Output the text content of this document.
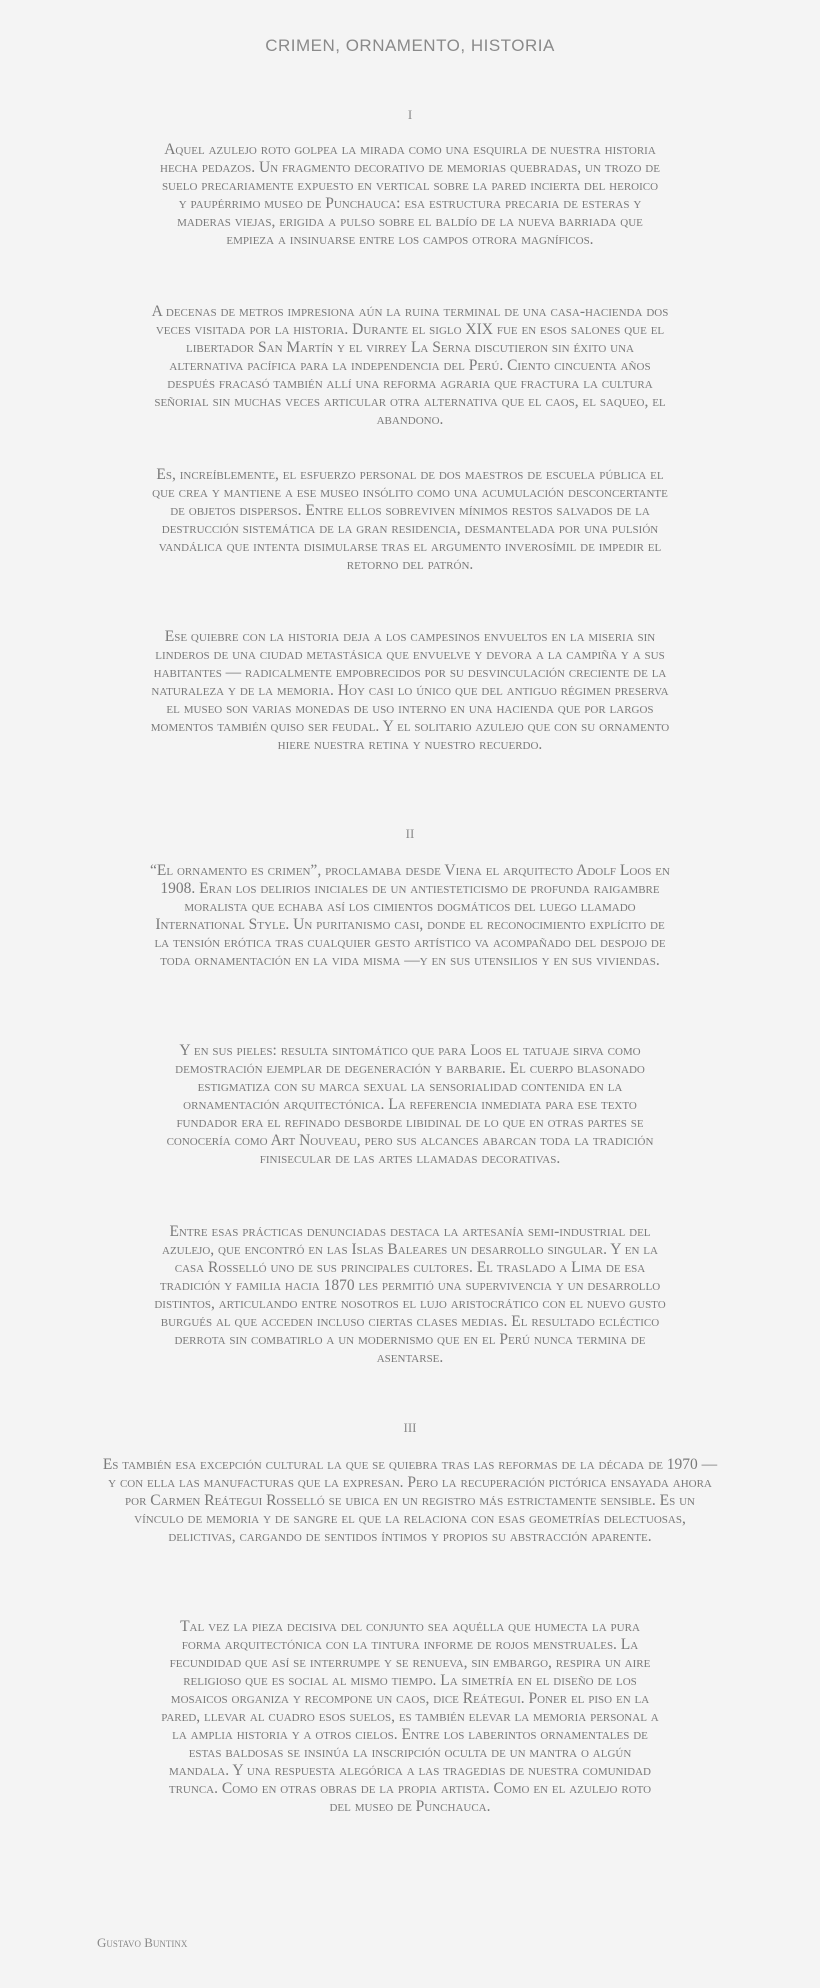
CRIMEN, ORNAMENTO, HISTORIA

I

Aquel azulejo roto golpea la mirada como una esquirla de nuestra historia hecha pedazos. Un fragmento decorativo de memorias quebradas, un trozo de suelo precariamente expuesto en vertical sobre la pared incierta del heroico y paupérrimo museo de Punchauca: esa estructura precaria de esteras y maderas viejas, erigida a pulso sobre el baldío de la nueva barriada que empieza a insinuarse entre los campos otrora magníficos.

A decenas de metros impresiona aún la ruina terminal de una casa-hacienda dos veces visitada por la historia. Durante el siglo XIX fue en esos salones que el libertador San Martín y el virrey La Serna discutieron sin éxito una alternativa pacífica para la independencia del Perú. Ciento cincuenta años después fracasó también allí una reforma agraria que fractura la cultura señorial sin muchas veces articular otra alternativa que el caos, el saqueo, el abandono.

Es, increíblemente, el esfuerzo personal de dos maestros de escuela pública el que crea y mantiene a ese museo insólito como una acumulación desconcertante de objetos dispersos. Entre ellos sobreviven mínimos restos salvados de la destrucción sistemática de la gran residencia, desmantelada por una pulsión vandálica que intenta disimularse tras el argumento inverosímil de impedir el retorno del patrón.

Ese quiebre con la historia deja a los campesinos envueltos en la miseria sin linderos de una ciudad metastásica que envuelve y devora a la campiña y a sus habitantes — radicalmente empobrecidos por su desvinculación creciente de la naturaleza y de la memoria. Hoy casi lo único que del antiguo régimen preserva el museo son varias monedas de uso interno en una hacienda que por largos momentos también quiso ser feudal. Y el solitario azulejo que con su ornamento hiere nuestra retina y nuestro recuerdo.

II

“El ornamento es crimen”, proclamaba desde Viena el arquitecto Adolf Loos en 1908. Eran los delirios iniciales de un antiesteticismo de profunda raigambre moralista que echaba así los cimientos dogmáticos del luego llamado International Style. Un puritanismo casi, donde el reconocimiento explícito de la tensión erótica tras cualquier gesto artístico va acompañado del despojo de toda ornamentación en la vida misma —y en sus utensilios y en sus viviendas.

Y en sus pieles: resulta sintomático que para Loos el tatuaje sirva como demostración ejemplar de degeneración y barbarie. El cuerpo blasonado estigmatiza con su marca sexual la sensorialidad contenida en la ornamentación arquitectónica. La referencia inmediata para ese texto fundador era el refinado desborde libidinal de lo que en otras partes se conocería como Art Nouveau, pero sus alcances abarcan toda la tradición finisecular de las artes llamadas decorativas.

Entre esas prácticas denunciadas destaca la artesanía semi-industrial del azulejo, que encontró en las Islas Baleares un desarrollo singular. Y en la casa Rosselló uno de sus principales cultores. El traslado a Lima de esa tradición y familia hacia 1870 les permitió una supervivencia y un desarrollo distintos, articulando entre nosotros el lujo aristocrático con el nuevo gusto burgués al que acceden incluso ciertas clases medias. El resultado ecléctico derrota sin combatirlo a un modernismo que en el Perú nunca termina de asentarse.

III

Es también esa excepción cultural la que se quiebra tras las reformas de la década de 1970 —y con ella las manufacturas que la expresan. Pero la recuperación pictórica ensayada ahora por Carmen Reátegui Rosselló se ubica en un registro más estrictamente sensible. Es un vínculo de memoria y de sangre el que la relaciona con esas geometrías delectuosas, delictivas, cargando de sentidos íntimos y propios su abstracción aparente.

Tal vez la pieza decisiva del conjunto sea aquélla que humecta la pura forma arquitectónica con la tintura informe de rojos menstruales. La fecundidad que así se interrumpe y se renueva, sin embargo, respira un aire religioso que es social al mismo tiempo. La simetría en el diseño de los mosaicos organiza y recompone un caos, dice Reátegui. Poner el piso en la pared, llevar al cuadro esos suelos, es también elevar la memoria personal a la amplia historia y a otros cielos. Entre los laberintos ornamentales de estas baldosas se insinúa la inscripción oculta de un mantra o algún mandala. Y una respuesta alegórica a las tragedias de nuestra comunidad trunca. Como en otras obras de la propia artista. Como en el azulejo roto del museo de Punchauca.

Gustavo Buntinx
